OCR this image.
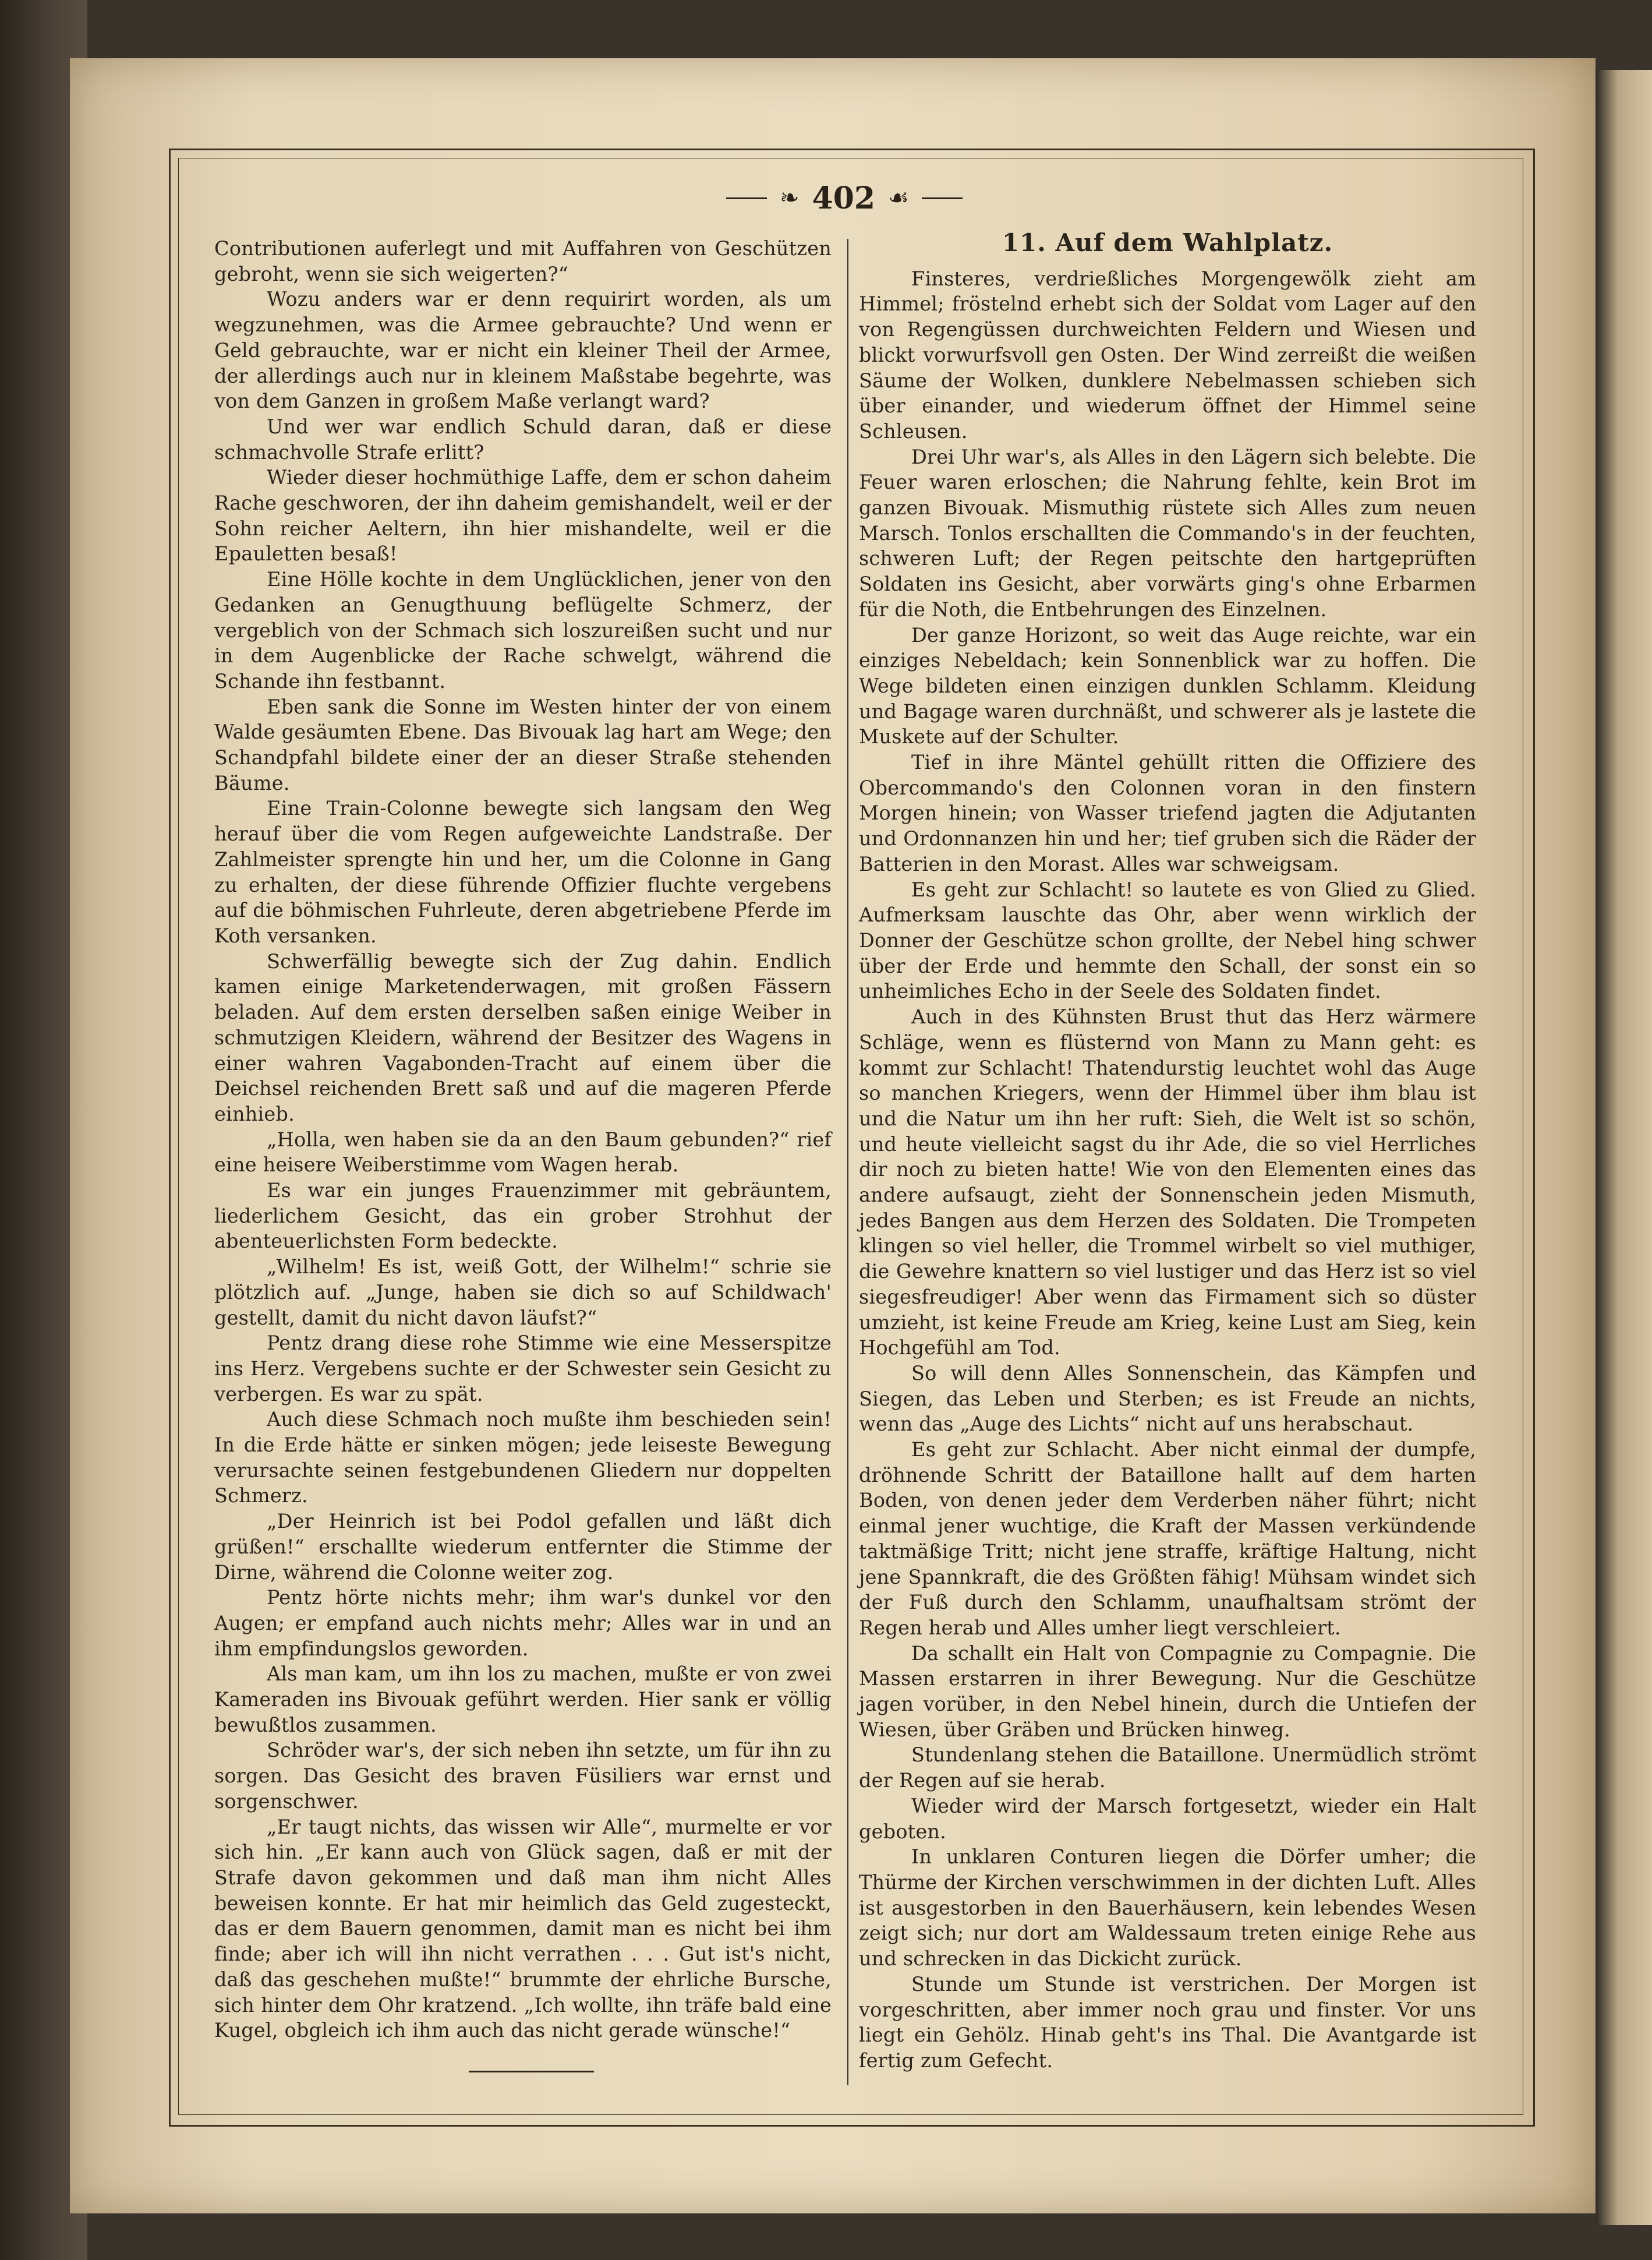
❧ 402 ☙

Contributionen auferlegt und mit Auffahren von Geschützen gebroht, wenn sie sich weigerten?“

Wozu anders war er denn requirirt worden, als um wegzunehmen, was die Armee gebrauchte? Und wenn er Geld gebrauchte, war er nicht ein kleiner Theil der Armee, der allerdings auch nur in kleinem Maßstabe begehrte, was von dem Ganzen in großem Maße verlangt ward?

Und wer war endlich Schuld daran, daß er diese schmachvolle Strafe erlitt?

Wieder dieser hochmüthige Laffe, dem er schon daheim Rache geschworen, der ihn daheim gemishandelt, weil er der Sohn reicher Aeltern, ihn hier mishandelte, weil er die Epauletten besaß!

Eine Hölle kochte in dem Unglücklichen, jener von den Gedanken an Genugthuung beflügelte Schmerz, der vergeblich von der Schmach sich loszureißen sucht und nur in dem Augenblicke der Rache schwelgt, während die Schande ihn festbannt.

Eben sank die Sonne im Westen hinter der von einem Walde gesäumten Ebene. Das Bivouak lag hart am Wege; den Schandpfahl bildete einer der an dieser Straße stehenden Bäume.

Eine Train-Colonne bewegte sich langsam den Weg herauf über die vom Regen aufgeweichte Landstraße. Der Zahlmeister sprengte hin und her, um die Colonne in Gang zu erhalten, der diese führende Offizier fluchte vergebens auf die böhmischen Fuhrleute, deren abgetriebene Pferde im Koth versanken.

Schwerfällig bewegte sich der Zug dahin. Endlich kamen einige Marketenderwagen, mit großen Fässern beladen. Auf dem ersten derselben saßen einige Weiber in schmutzigen Kleidern, während der Besitzer des Wagens in einer wahren Vagabonden-Tracht auf einem über die Deichsel reichenden Brett saß und auf die mageren Pferde einhieb.

„Holla, wen haben sie da an den Baum gebunden?“ rief eine heisere Weiberstimme vom Wagen herab.

Es war ein junges Frauenzimmer mit gebräuntem, liederlichem Gesicht, das ein grober Strohhut der abenteuerlichsten Form bedeckte.

„Wilhelm! Es ist, weiß Gott, der Wilhelm!“ schrie sie plötzlich auf. „Junge, haben sie dich so auf Schildwach' gestellt, damit du nicht davon läufst?“

Pentz drang diese rohe Stimme wie eine Messerspitze ins Herz. Vergebens suchte er der Schwester sein Gesicht zu verbergen. Es war zu spät.

Auch diese Schmach noch mußte ihm beschieden sein! In die Erde hätte er sinken mögen; jede leiseste Bewegung verursachte seinen festgebundenen Gliedern nur doppelten Schmerz.

„Der Heinrich ist bei Podol gefallen und läßt dich grüßen!“ erschallte wiederum entfernter die Stimme der Dirne, während die Colonne weiter zog.

Pentz hörte nichts mehr; ihm war's dunkel vor den Augen; er empfand auch nichts mehr; Alles war in und an ihm empfindungslos geworden.

Als man kam, um ihn los zu machen, mußte er von zwei Kameraden ins Bivouak geführt werden. Hier sank er völlig bewußtlos zusammen.

Schröder war's, der sich neben ihn setzte, um für ihn zu sorgen. Das Gesicht des braven Füsiliers war ernst und sorgenschwer.

„Er taugt nichts, das wissen wir Alle“, murmelte er vor sich hin. „Er kann auch von Glück sagen, daß er mit der Strafe davon gekommen und daß man ihm nicht Alles beweisen konnte. Er hat mir heimlich das Geld zugesteckt, das er dem Bauern genommen, damit man es nicht bei ihm finde; aber ich will ihn nicht verrathen . . . Gut ist's nicht, daß das geschehen mußte!“ brummte der ehrliche Bursche, sich hinter dem Ohr kratzend. „Ich wollte, ihn träfe bald eine Kugel, obgleich ich ihm auch das nicht gerade wünsche!“

11. Auf dem Wahlplatz.

Finsteres, verdrießliches Morgengewölk zieht am Himmel; fröstelnd erhebt sich der Soldat vom Lager auf den von Regengüssen durchweichten Feldern und Wiesen und blickt vorwurfsvoll gen Osten. Der Wind zerreißt die weißen Säume der Wolken, dunklere Nebelmassen schieben sich über einander, und wiederum öffnet der Himmel seine Schleusen.

Drei Uhr war's, als Alles in den Lägern sich belebte. Die Feuer waren erloschen; die Nahrung fehlte, kein Brot im ganzen Bivouak. Mismuthig rüstete sich Alles zum neuen Marsch. Tonlos erschallten die Commando's in der feuchten, schweren Luft; der Regen peitschte den hartgeprüften Soldaten ins Gesicht, aber vorwärts ging's ohne Erbarmen für die Noth, die Entbehrungen des Einzelnen.

Der ganze Horizont, so weit das Auge reichte, war ein einziges Nebeldach; kein Sonnenblick war zu hoffen. Die Wege bildeten einen einzigen dunklen Schlamm. Kleidung und Bagage waren durchnäßt, und schwerer als je lastete die Muskete auf der Schulter.

Tief in ihre Mäntel gehüllt ritten die Offiziere des Obercommando's den Colonnen voran in den finstern Morgen hinein; von Wasser triefend jagten die Adjutanten und Ordonnanzen hin und her; tief gruben sich die Räder der Batterien in den Morast. Alles war schweigsam.

Es geht zur Schlacht! so lautete es von Glied zu Glied. Aufmerksam lauschte das Ohr, aber wenn wirklich der Donner der Geschütze schon grollte, der Nebel hing schwer über der Erde und hemmte den Schall, der sonst ein so unheimliches Echo in der Seele des Soldaten findet.

Auch in des Kühnsten Brust thut das Herz wärmere Schläge, wenn es flüsternd von Mann zu Mann geht: es kommt zur Schlacht! Thatendurstig leuchtet wohl das Auge so manchen Kriegers, wenn der Himmel über ihm blau ist und die Natur um ihn her ruft: Sieh, die Welt ist so schön, und heute vielleicht sagst du ihr Ade, die so viel Herrliches dir noch zu bieten hatte! Wie von den Elementen eines das andere aufsaugt, zieht der Sonnenschein jeden Mismuth, jedes Bangen aus dem Herzen des Soldaten. Die Trompeten klingen so viel heller, die Trommel wirbelt so viel muthiger, die Gewehre knattern so viel lustiger und das Herz ist so viel siegesfreudiger! Aber wenn das Firmament sich so düster umzieht, ist keine Freude am Krieg, keine Lust am Sieg, kein Hochgefühl am Tod.

So will denn Alles Sonnenschein, das Kämpfen und Siegen, das Leben und Sterben; es ist Freude an nichts, wenn das „Auge des Lichts“ nicht auf uns herabschaut.

Es geht zur Schlacht. Aber nicht einmal der dumpfe, dröhnende Schritt der Bataillone hallt auf dem harten Boden, von denen jeder dem Verderben näher führt; nicht einmal jener wuchtige, die Kraft der Massen verkündende taktmäßige Tritt; nicht jene straffe, kräftige Haltung, nicht jene Spannkraft, die des Größten fähig! Mühsam windet sich der Fuß durch den Schlamm, unaufhaltsam strömt der Regen herab und Alles umher liegt verschleiert.

Da schallt ein Halt von Compagnie zu Compagnie. Die Massen erstarren in ihrer Bewegung. Nur die Geschütze jagen vorüber, in den Nebel hinein, durch die Untiefen der Wiesen, über Gräben und Brücken hinweg.

Stundenlang stehen die Bataillone. Unermüdlich strömt der Regen auf sie herab.

Wieder wird der Marsch fortgesetzt, wieder ein Halt geboten.

In unklaren Conturen liegen die Dörfer umher; die Thürme der Kirchen verschwimmen in der dichten Luft. Alles ist ausgestorben in den Bauerhäusern, kein lebendes Wesen zeigt sich; nur dort am Waldessaum treten einige Rehe aus und schrecken in das Dickicht zurück.

Stunde um Stunde ist verstrichen. Der Morgen ist vorgeschritten, aber immer noch grau und finster. Vor uns liegt ein Gehölz. Hinab geht's ins Thal. Die Avantgarde ist fertig zum Gefecht.
